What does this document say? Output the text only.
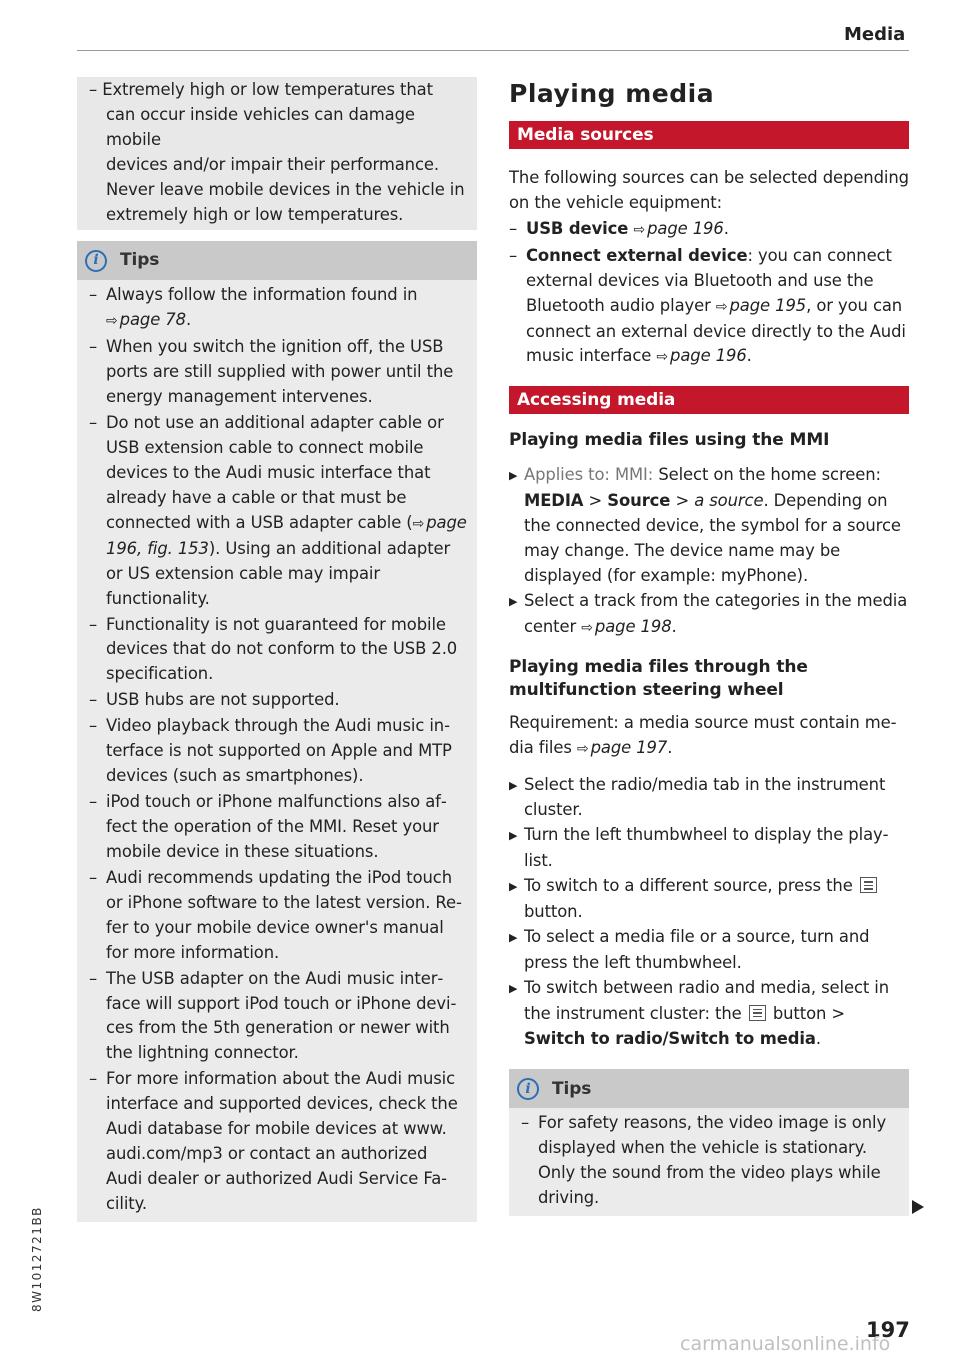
Media

– Extremely high or low temperatures that

can occur inside vehicles can damage mobile

devices and/or impair their performance.

Never leave mobile devices in the vehicle in

extremely high or low temperatures.

i	Tips

– Always follow the information found in ⇨ page 78.

– When you switch the ignition off, the USB ports are still supplied with power until the energy management intervenes.

– Do not use an additional adapter cable or USB extension cable to connect mobile devices to the Audi music interface that already have a cable or that must be connected with a USB adapter cable (⇨ page 196, fig. 153). Using an additional adapter or US extension cable may impair functionality.

– Functionality is not guaranteed for mobile devices that do not conform to the USB 2.0 specification.

– USB hubs are not supported.

– Video playback through the Audi music interface is not supported on Apple and MTP devices (such as smartphones).

– iPod touch or iPhone malfunctions also affect the operation of the MMI. Reset your mobile device in these situations.

– Audi recommends updating the iPod touch or iPhone software to the latest version. Refer to your mobile device owner's manual for more information.

– The USB adapter on the Audi music interface will support iPod touch or iPhone devices from the 5th generation or newer with the lightning connector.

– For more information about the Audi music interface and supported devices, check the Audi database for mobile devices at www. audi.com/mp3 or contact an authorized Audi dealer or authorized Audi Service Facility.

Playing media
Media sources

The following sources can be selected depending on the vehicle equipment:

– USB device ⇨ page 196.

– Connect external device: you can connect external devices via Bluetooth and use the Bluetooth audio player ⇨ page 195, or you can connect an external device directly to the Audi music interface ⇨ page 196.

Accessing media
Playing media files using the MMI

▶ Applies to: MMI: Select on the home screen: MEDIA > Source > a source. Depending on the connected device, the symbol for a source may change. The device name may be displayed (for example: myPhone).

▶ Select a track from the categories in the media center ⇨ page 198.

Playing media files through the
multifunction steering wheel

Requirement: a media source must contain media files ⇨ page 197.

▶ Select the radio/media tab in the instrument cluster.

▶ Turn the left thumbwheel to display the playlist.

▶ To switch to a different source, press the
button.

▶ To select a media file or a source, turn and press the left thumbwheel.

▶ To switch between radio and media, select in the instrument cluster: the
button > Switch to radio/Switch to media.

i	Tips

– For safety reasons, the video image is only displayed when the vehicle is stationary. Only the sound from the video plays while driving.

8W1012721BB
197
carmanualsonline.info
